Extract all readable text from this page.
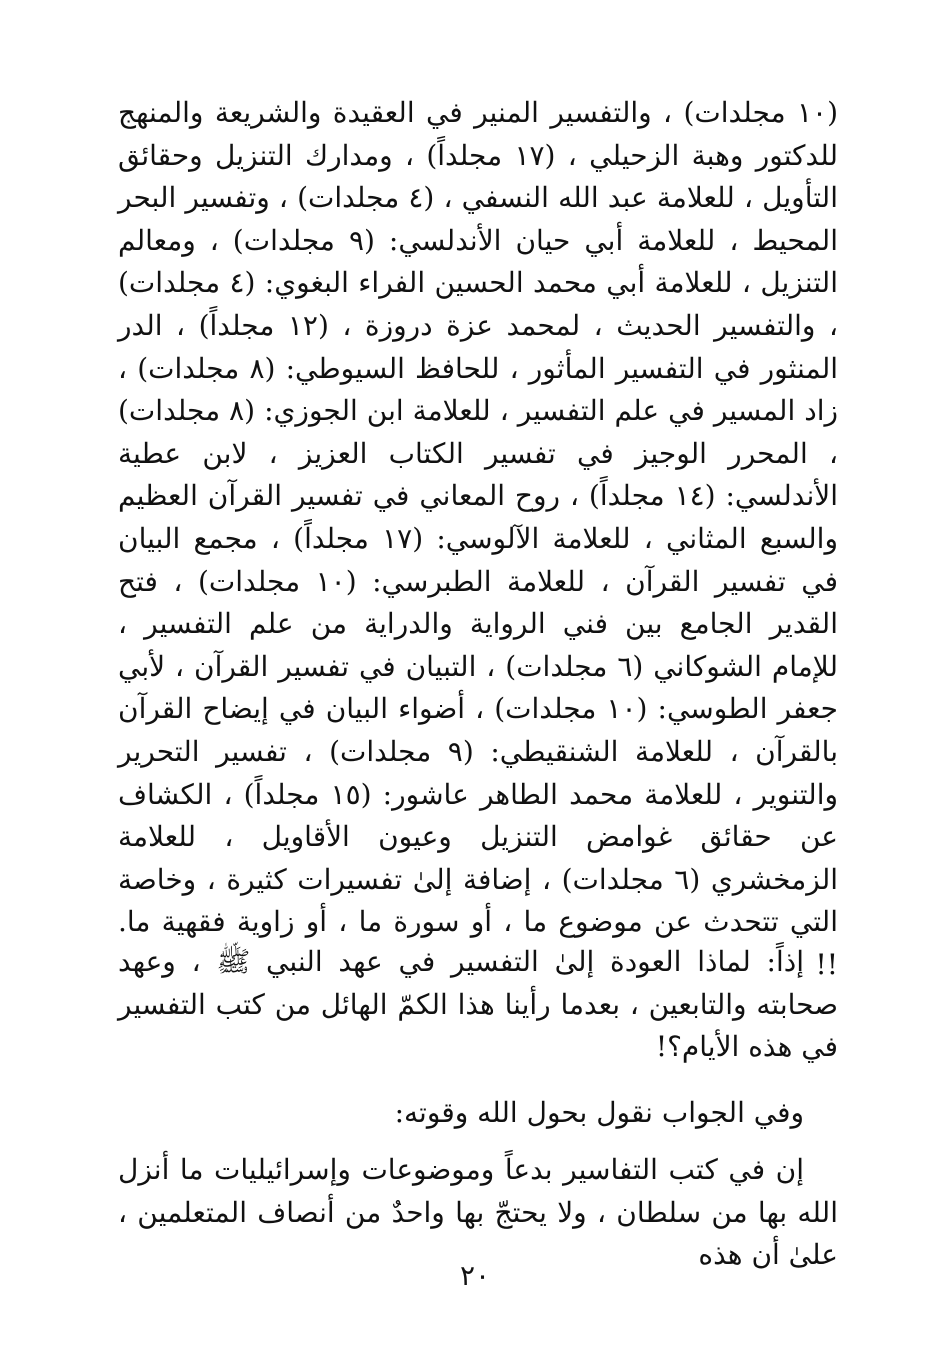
(١٠ مجلدات) ، والتفسير المنير في العقيدة والشريعة والمنهج للدكتور وهبة الزحيلي ، (١٧ مجلداً) ، ومدارك التنزيل وحقائق التأويل ، للعلامة عبد الله النسفي ، (٤ مجلدات) ، وتفسير البحر المحيط ، للعلامة أبي حيان الأندلسي: (٩ مجلدات) ، ومعالم التنزيل ، للعلامة أبي محمد الحسين الفراء البغوي: (٤ مجلدات) ، والتفسير الحديث ، لمحمد عزة دروزة ، (١٢ مجلداً) ، الدر المنثور في التفسير المأثور ، للحافظ السيوطي: (٨ مجلدات) ، زاد المسير في علم التفسير ، للعلامة ابن الجوزي: (٨ مجلدات) ، المحرر الوجيز في تفسير الكتاب العزيز ، لابن عطية الأندلسي: (١٤ مجلداً) ، روح المعاني في تفسير القرآن العظيم والسبع المثاني ، للعلامة الآلوسي: (١٧ مجلداً) ، مجمع البيان في تفسير القرآن ، للعلامة الطبرسي: (١٠ مجلدات) ، فتح القدير الجامع بين فني الرواية والدراية من علم التفسير ، للإمام الشوكاني (٦ مجلدات) ، التبيان في تفسير القرآن ، لأبي جعفر الطوسي: (١٠ مجلدات) ، أضواء البيان في إيضاح القرآن بالقرآن ، للعلامة الشنقيطي: (٩ مجلدات) ، تفسير التحرير والتنوير ، للعلامة محمد الطاهر عاشور: (١٥ مجلداً) ، الكشاف عن حقائق غوامض التنزيل وعيون الأقاويل ، للعلامة الزمخشري (٦ مجلدات) ، إضافة إلىٰ تفسيرات كثيرة ، وخاصة التي تتحدث عن موضوع ما ، أو سورة ما ، أو زاوية فقهية ما. !!
إذاً: لماذا العودة إلىٰ التفسير في عهد النبي ﷺ ، وعهد صحابته والتابعين ، بعدما رأينا هذا الكمّ الهائل من كتب التفسير في هذه الأيام؟!
وفي الجواب نقول بحول الله وقوته:
إن في كتب التفاسير بدعاً وموضوعات وإسرائيليات ما أنزل الله بها من سلطان ، ولا يحتجّ بها واحدٌ من أنصاف المتعلمين ، علىٰ أن هذه
٢٠
